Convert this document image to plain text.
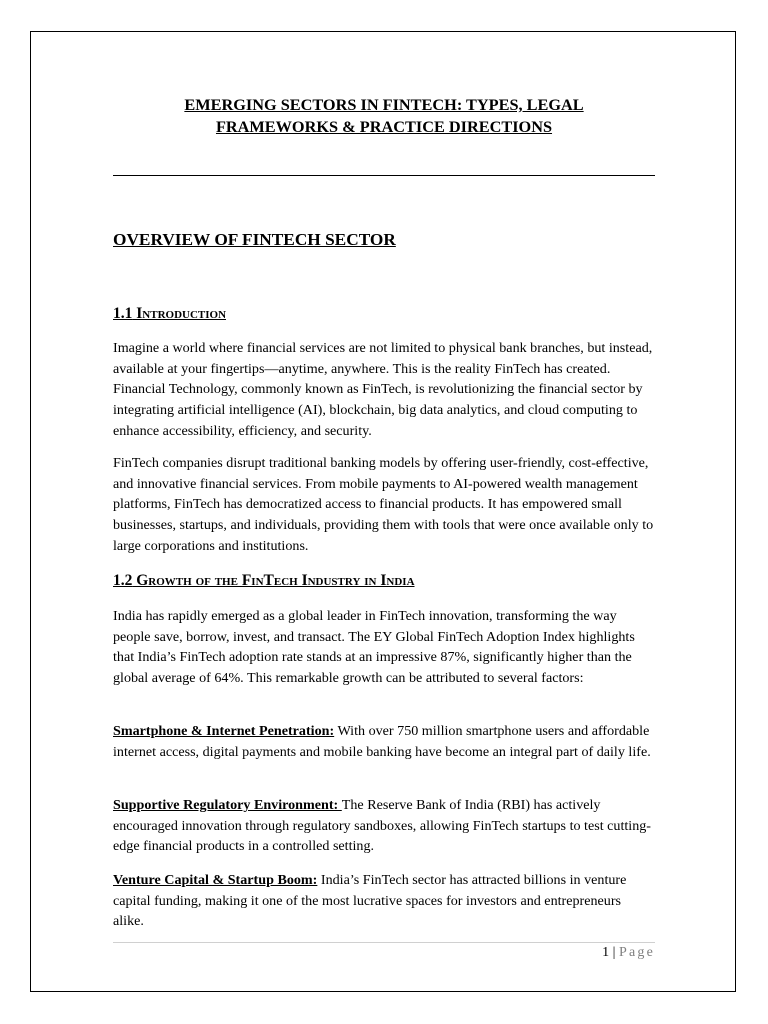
EMERGING SECTORS IN FINTECH: TYPES, LEGAL
FRAMEWORKS & PRACTICE DIRECTIONS
OVERVIEW OF FINTECH SECTOR
1.1 Introduction

Imagine a world where financial services are not limited to physical bank branches, but instead, available at your fingertips—anytime, anywhere. This is the reality FinTech has created. Financial Technology, commonly known as FinTech, is revolutionizing the financial sector by integrating artificial intelligence (AI), blockchain, big data analytics, and cloud computing to enhance accessibility, efficiency, and security.

FinTech companies disrupt traditional banking models by offering user-friendly, cost-effective, and innovative financial services. From mobile payments to AI-powered wealth management platforms, FinTech has democratized access to financial products. It has empowered small businesses, startups, and individuals, providing them with tools that were once available only to large corporations and institutions.

1.2 Growth of the FinTech Industry in India

India has rapidly emerged as a global leader in FinTech innovation, transforming the way people save, borrow, invest, and transact. The EY Global FinTech Adoption Index highlights that India’s FinTech adoption rate stands at an impressive 87%, significantly higher than the global average of 64%. This remarkable growth can be attributed to several factors:

Smartphone & Internet Penetration: With over 750 million smartphone users and affordable internet access, digital payments and mobile banking have become an integral part of daily life.

Supportive Regulatory Environment: The Reserve Bank of India (RBI) has actively encouraged innovation through regulatory sandboxes, allowing FinTech startups to test cutting-edge financial products in a controlled setting.

Venture Capital & Startup Boom: India’s FinTech sector has attracted billions in venture capital funding, making it one of the most lucrative spaces for investors and entrepreneurs alike.

1 | Page
